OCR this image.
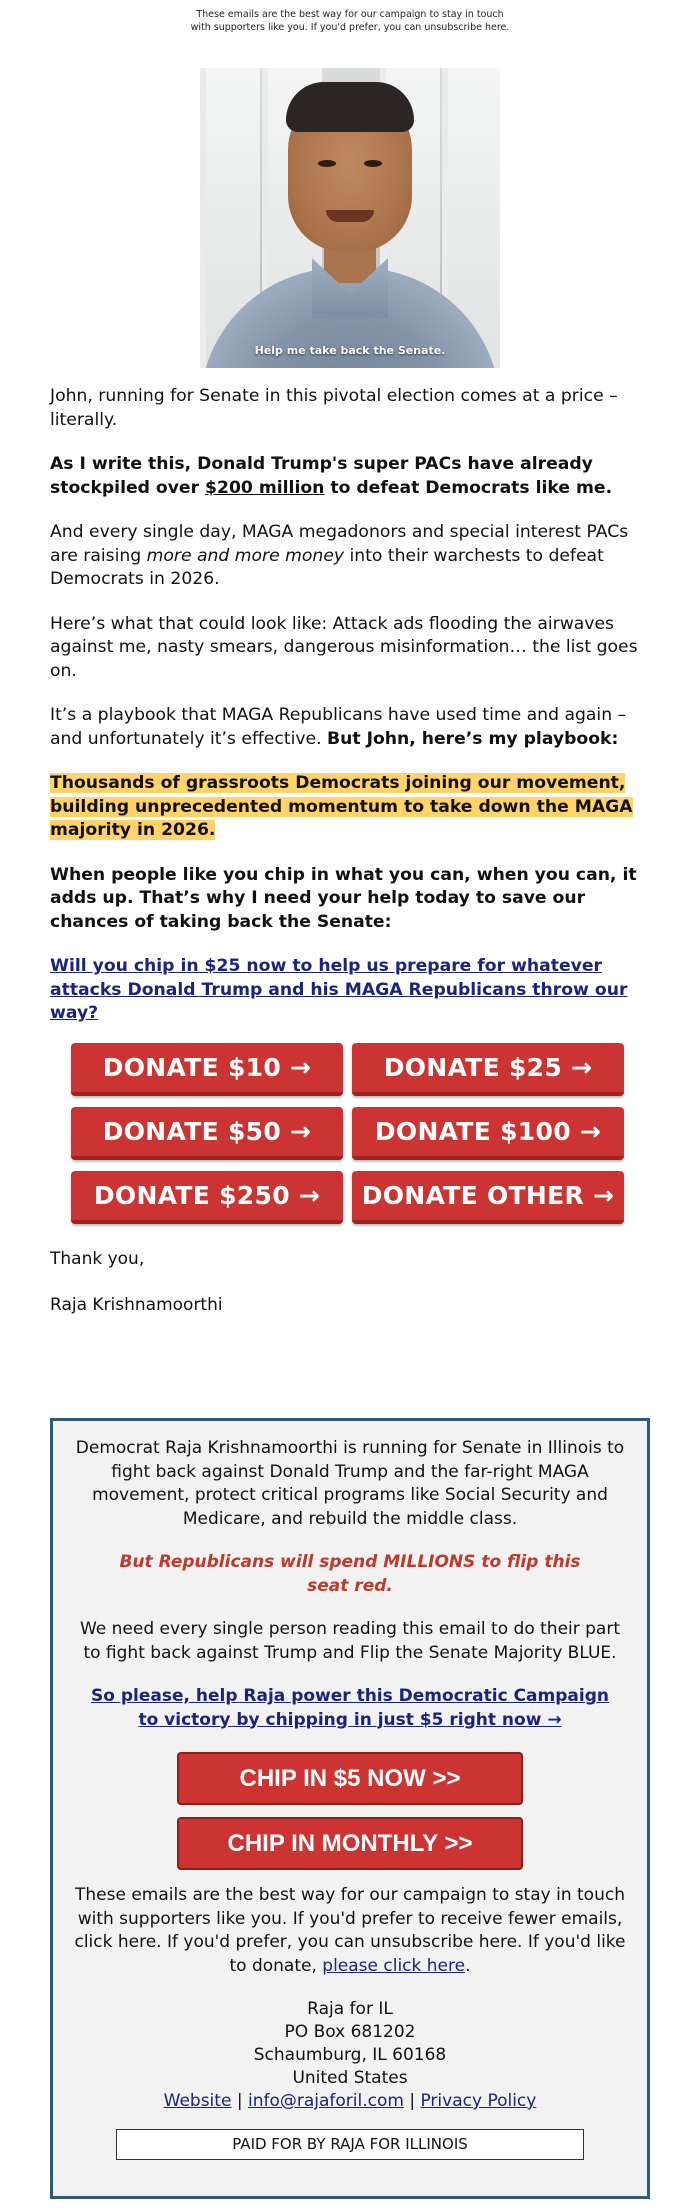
These emails are the best way for our campaign to stay in touch with supporters like you. If you'd prefer, you can unsubscribe here.
Help me take back the Senate.

John, running for Senate in this pivotal election comes at a price – literally.

As I write this, Donald Trump's super PACs have already stockpiled over $200 million to defeat Democrats like me.

And every single day, MAGA megadonors and special interest PACs are raising more and more money into their warchests to defeat Democrats in 2026.

Here’s what that could look like: Attack ads flooding the airwaves against me, nasty smears, dangerous misinformation… the list goes on.

It’s a playbook that MAGA Republicans have used time and again – and unfortunately it’s effective. But John, here’s my playbook:

Thousands of grassroots Democrats joining our movement, building unprecedented momentum to take down the MAGA majority in 2026.

When people like you chip in what you can, when you can, it adds up. That’s why I need your help today to save our chances of taking back the Senate:

Will you chip in $25 now to help us prepare for whatever attacks Donald Trump and his MAGA Republicans throw our way?

DONATE $10 →	DONATE $25 →
DONATE $50 →	DONATE $100 →
DONATE $250 →	DONATE OTHER →

Thank you,

Raja Krishnamoorthi

Democrat Raja Krishnamoorthi is running for Senate in Illinois to fight back against Donald Trump and the far-right MAGA movement, protect critical programs like Social Security and Medicare, and rebuild the middle class.

But Republicans will spend MILLIONS to flip this seat red.

We need every single person reading this email to do their part to fight back against Trump and Flip the Senate Majority BLUE.

So please, help Raja power this Democratic Campaign to victory by chipping in just $5 right now →

CHIP IN $5 NOW >>
CHIP IN MONTHLY >>

These emails are the best way for our campaign to stay in touch with supporters like you. If you'd prefer to receive fewer emails, click here. If you'd prefer, you can unsubscribe here. If you'd like to donate, please click here.

Raja for IL
PO Box 681202
Schaumburg, IL 60168
United States
Website | info@rajaforil.com | Privacy Policy
PAID FOR BY RAJA FOR ILLINOIS
